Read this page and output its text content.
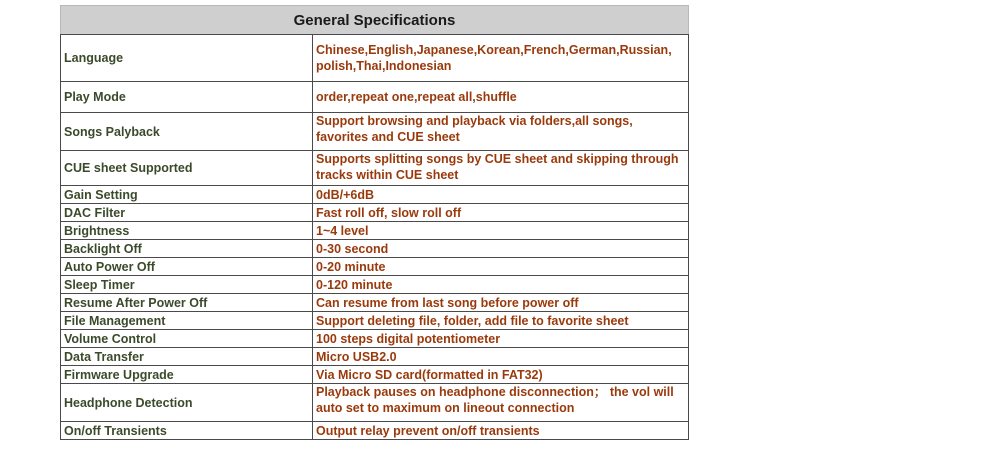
General Specifications
Language	Chinese,English,Japanese,Korean,French,German,Russian,
polish,Thai,Indonesian
Play Mode	order,repeat one,repeat all,shuffle
Songs Palyback	Support browsing and playback via folders,all songs,
favorites and CUE sheet
CUE sheet Supported	Supports splitting songs by CUE sheet and skipping through
tracks within CUE sheet
Gain Setting	0dB/+6dB
DAC Filter	Fast roll off, slow roll off
Brightness	1~4 level
Backlight Off	0-30 second
Auto Power Off	0-20 minute
Sleep Timer	0-120 minute
Resume After Power Off	Can resume from last song before power off
File Management	Support deleting file, folder, add file to favorite sheet
Volume Control	100 steps digital potentiometer
Data Transfer	Micro USB2.0
Firmware Upgrade	Via Micro SD card(formatted in FAT32)
Headphone Detection	Playback pauses on headphone disconnection； the vol will
auto set to maximum on lineout connection
On/off Transients	Output relay prevent on/off transients
